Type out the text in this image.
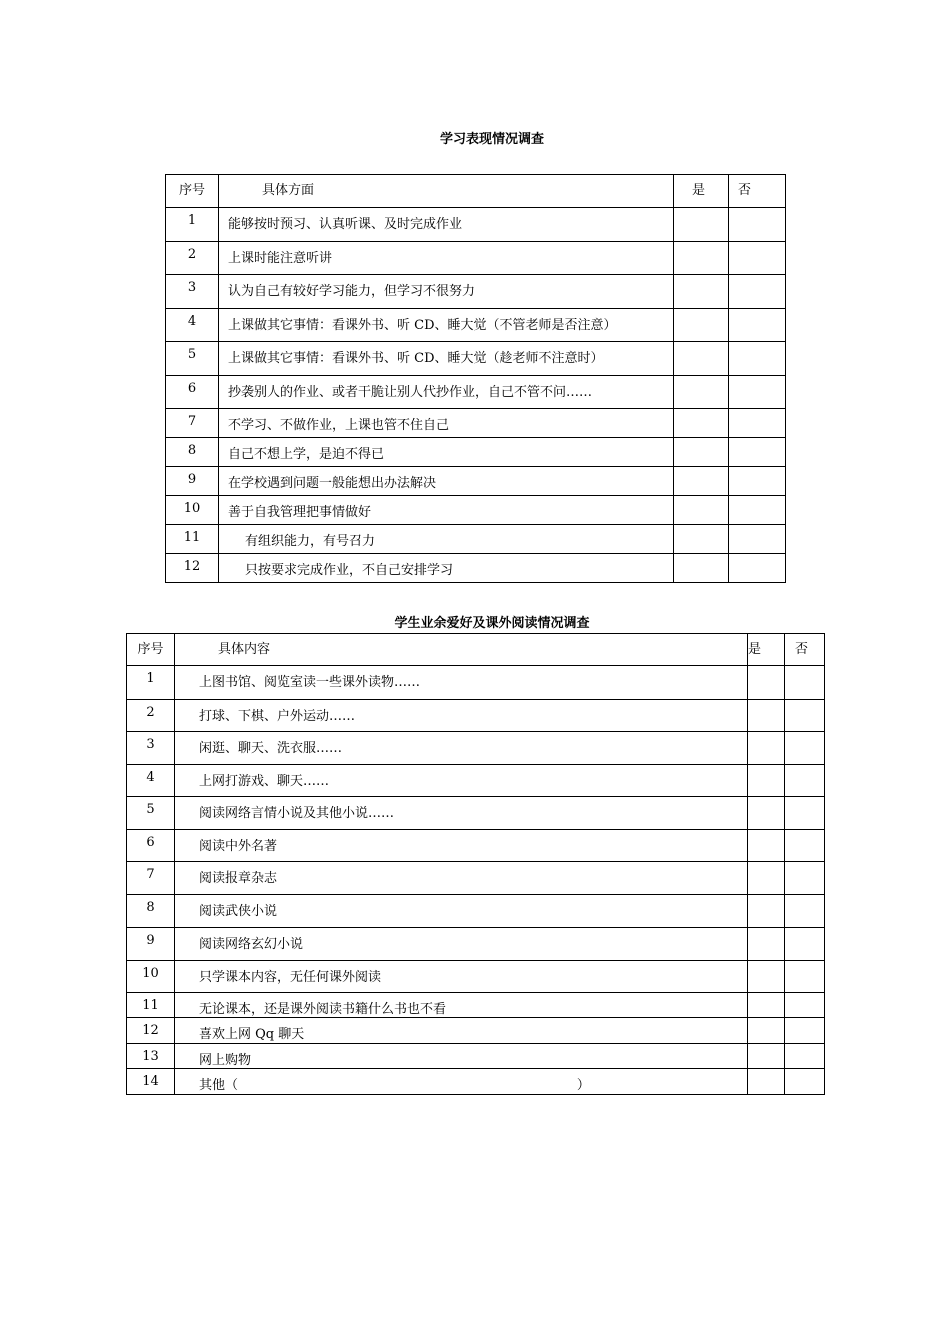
学习表现情况调查
序号	具体方面	是	否
1	能够按时预习、认真听课、及时完成作业		
2	上课时能注意听讲		
3	认为自己有较好学习能力，但学习不很努力		
4	上课做其它事情：看课外书、听 CD、睡大觉（不管老师是否注意）		
5	上课做其它事情：看课外书、听 CD、睡大觉（趁老师不注意时）		
6	抄袭别人的作业、或者干脆让别人代抄作业，自己不管不问……		
7	不学习、不做作业，上课也管不住自己		
8	自己不想上学，是迫不得已		
9	在学校遇到问题一般能想出办法解决		
10	善于自我管理把事情做好		
11	有组织能力，有号召力		
12	只按要求完成作业，不自己安排学习		
学生业余爱好及课外阅读情况调查
序号	具体内容	是	否
1	上图书馆、阅览室读一些课外读物……		
2	打球、下棋、户外运动……		
3	闲逛、聊天、洗衣服……		
4	上网打游戏、聊天……		
5	阅读网络言情小说及其他小说……		
6	阅读中外名著		
7	阅读报章杂志		
8	阅读武侠小说		
9	阅读网络玄幻小说		
10	只学课本内容，无任何课外阅读		
11	无论课本，还是课外阅读书籍什么书也不看		
12	喜欢上网 Qq 聊天		
13	网上购物		
14	其他（                                                                                  ）		
